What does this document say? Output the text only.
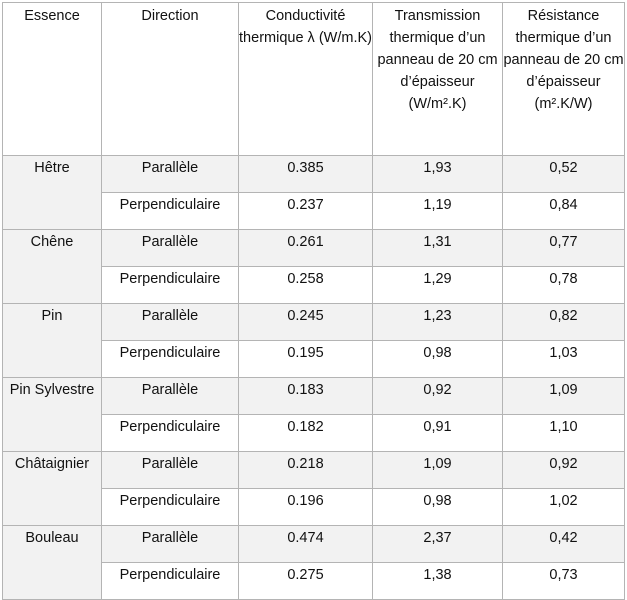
Essence	Direction	Conductivité thermique λ (W/m.K)	Transmission thermique d’un panneau de 20 cm d’épaisseur (W/m².K)	Résistance thermique d’un panneau de 20 cm d’épaisseur (m².K/W)

Hêtre	Parallèle	0.385	1,93	0,52
	Perpendiculaire	0.237	1,19	0,84

Chêne	Parallèle	0.261	1,31	0,77
	Perpendiculaire	0.258	1,29	0,78

Pin	Parallèle	0.245	1,23	0,82
	Perpendiculaire	0.195	0,98	1,03

Pin Sylvestre	Parallèle	0.183	0,92	1,09
	Perpendiculaire	0.182	0,91	1,10

Châtaignier	Parallèle	0.218	1,09	0,92
	Perpendiculaire	0.196	0,98	1,02

Bouleau	Parallèle	0.474	2,37	0,42
	Perpendiculaire	0.275	1,38	0,73
